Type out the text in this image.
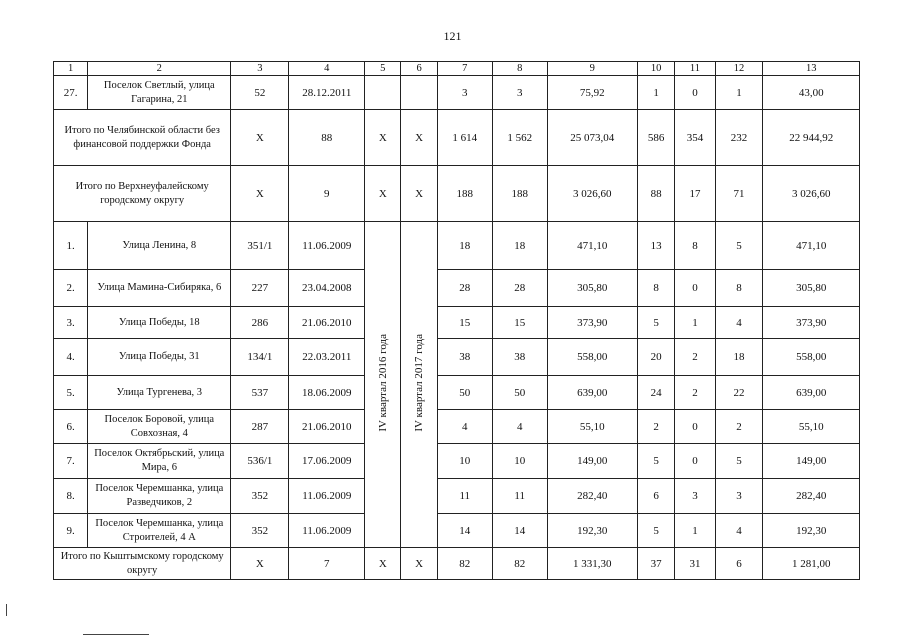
121
1	2	3	4	5	6	7	8	9	10	11	12	13
27.	Поселок Светлый, улица Гагарина, 21	52	28.12.2011			3	3	75,92	1	0	1	43,00
Итого по Челябинской области без финансовой поддержки Фонда		Х	88	Х	Х	1 614	1 562	25 073,04	586	354	232	22 944,92
Итого по Верхнеуфалейскому городскому округу		Х	9	Х	Х	188	188	3 026,60	88	17	71	3 026,60
1.	Улица Ленина, 8	351/1	11.06.2009	IV квартал 2016 года	IV квартал 2017 года	18	18	471,10	13	8	5	471,10
2.	Улица Мамина-Сибиряка, 6	227	23.04.2008			28	28	305,80	8	0	8	305,80
3.	Улица Победы, 18	286	21.06.2010			15	15	373,90	5	1	4	373,90
4.	Улица Победы, 31	134/1	22.03.2011			38	38	558,00	20	2	18	558,00
5.	Улица Тургенева, 3	537	18.06.2009			50	50	639,00	24	2	22	639,00
6.	Поселок Боровой, улица Совхозная, 4	287	21.06.2010			4	4	55,10	2	0	2	55,10
7.	Поселок Октябрьский, улица Мира, 6	536/1	17.06.2009			10	10	149,00	5	0	5	149,00
8.	Поселок Черемшанка, улица Разведчиков, 2	352	11.06.2009			11	11	282,40	6	3	3	282,40
9.	Поселок Черемшанка, улица Строителей, 4 А	352	11.06.2009			14	14	192,30	5	1	4	192,30
Итого по Кыштымскому городскому округу		Х	7	Х	Х	82	82	1 331,30	37	31	6	1 281,00
